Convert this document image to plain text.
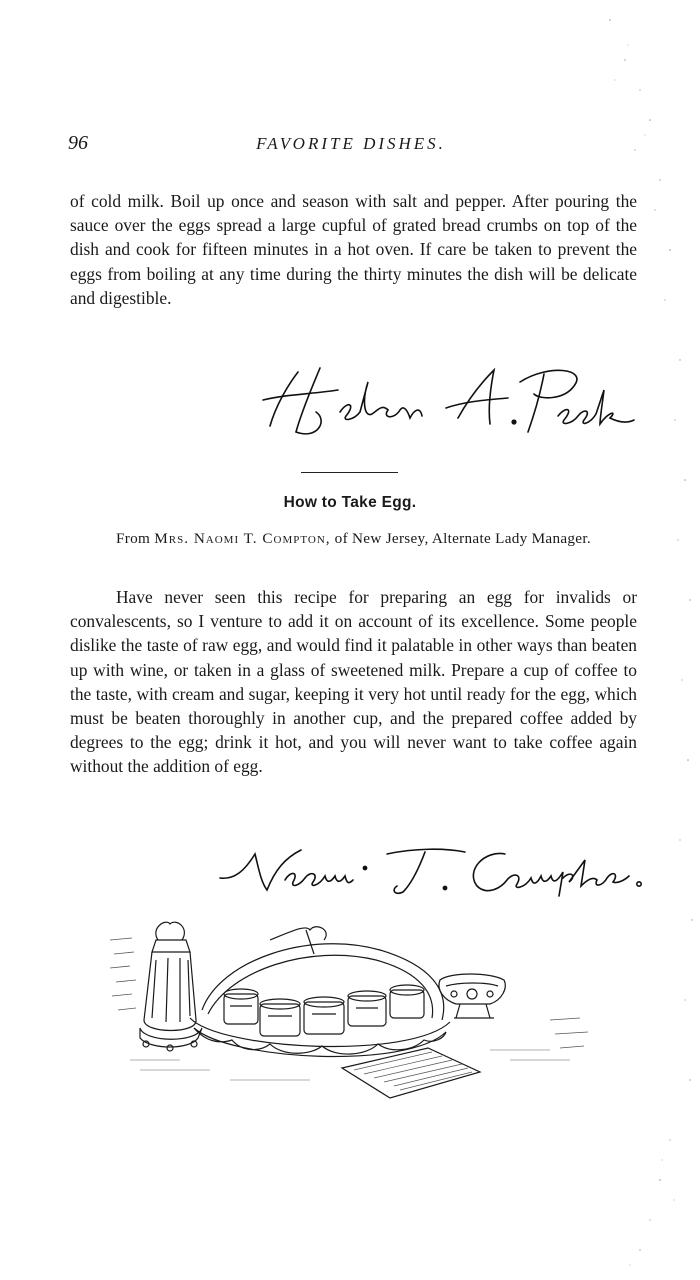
96	FAVORITE DISHES.

of cold milk. Boil up once and season with salt and pepper. After pouring the sauce over the eggs spread a large cupful of grated bread crumbs on top of the dish and cook for fifteen minutes in a hot oven. If care be taken to prevent the eggs from boiling at any time during the thirty minutes the dish will be delicate and digestible.

How to Take Egg.
From Mrs. Naomi T. Compton, of New Jersey, Alternate Lady Manager.

Have never seen this recipe for preparing an egg for invalids or convalescents, so I venture to add it on account of its excellence. Some people dislike the taste of raw egg, and would find it palatable in other ways than beaten up with wine, or taken in a glass of sweetened milk. Prepare a cup of coffee to the taste, with cream and sugar, keeping it very hot until ready for the egg, which must be beaten thoroughly in another cup, and the prepared coffee added by degrees to the egg; drink it hot, and you will never want to take coffee again without the addition of egg.
